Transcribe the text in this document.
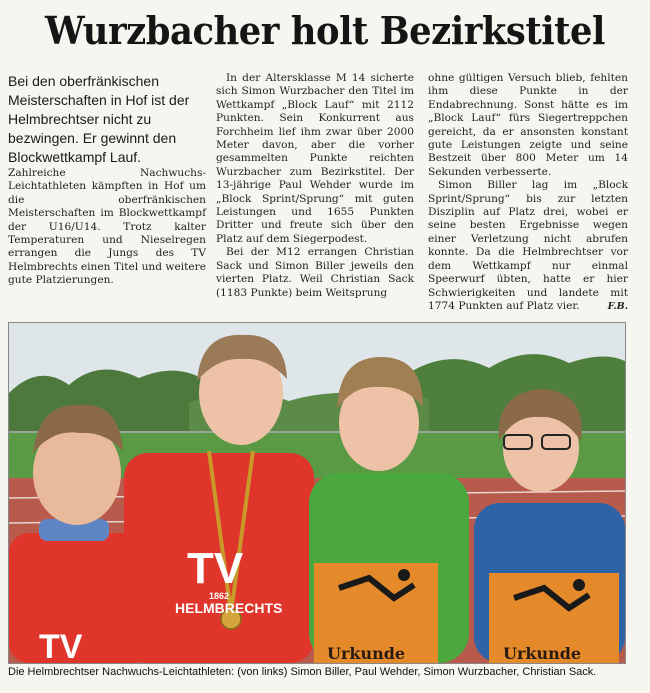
Wurzbacher holt Bezirkstitel

Bei den oberfränkischen Meisterschaften in Hof ist der Helmbrechtser nicht zu bezwingen. Er gewinnt den Blockwettkampf Lauf.

Zahlreiche Nachwuchs-Leichtathleten kämpften in Hof um die oberfränkischen Meisterschaften im Blockwettkampf der U16/U14. Trotz kalter Temperaturen und Nieselregen errangen die Jungs des TV Helmbrechts einen Titel und weitere gute Platzierungen.

In der Altersklasse M 14 sicherte sich Simon Wurzbacher den Titel im Wettkampf „Block Lauf“ mit 2112 Punkten. Sein Konkurrent aus Forchheim lief ihm zwar über 2000 Meter davon, aber die vorher gesammelten Punkte reichten Wurzbacher zum Bezirkstitel. Der 13-jährige Paul Wehder wurde im „Block Sprint/Sprung“ mit guten Leistungen und 1655 Punkten Dritter und freute sich über den Platz auf dem Siegerpodest.

Bei der M12 errangen Christian Sack und Simon Biller jeweils den vierten Platz. Weil Christian Sack (1183 Punkte) beim Weitsprung

ohne gültigen Versuch blieb, fehlten ihm diese Punkte in der Endabrechnung. Sonst hätte es im „Block Lauf“ fürs Siegertreppchen gereicht, da er ansonsten konstant gute Leistungen zeigte und seine Bestzeit über 800 Meter um 14 Sekunden verbesserte.

Simon Biller lag im „Block Sprint/Sprung“ bis zur letzten Disziplin auf Platz drei, wobei er seine besten Ergebnisse wegen einer Verletzung nicht abrufen konnte. Da die Helmbrechtser vor dem Wettkampf nur einmal Speerwurf übten, hatte er hier Schwierigkeiten und landete mit 1774 Punkten auf Platz vier.	F.B.

TV
TV
HELMBRECHTS
1862
Urkunde	Urkunde
Die Helmbrechtser Nachwuchs-Leichtathleten: (von links) Simon Biller, Paul Wehder, Simon Wurzbacher, Christian Sack.
